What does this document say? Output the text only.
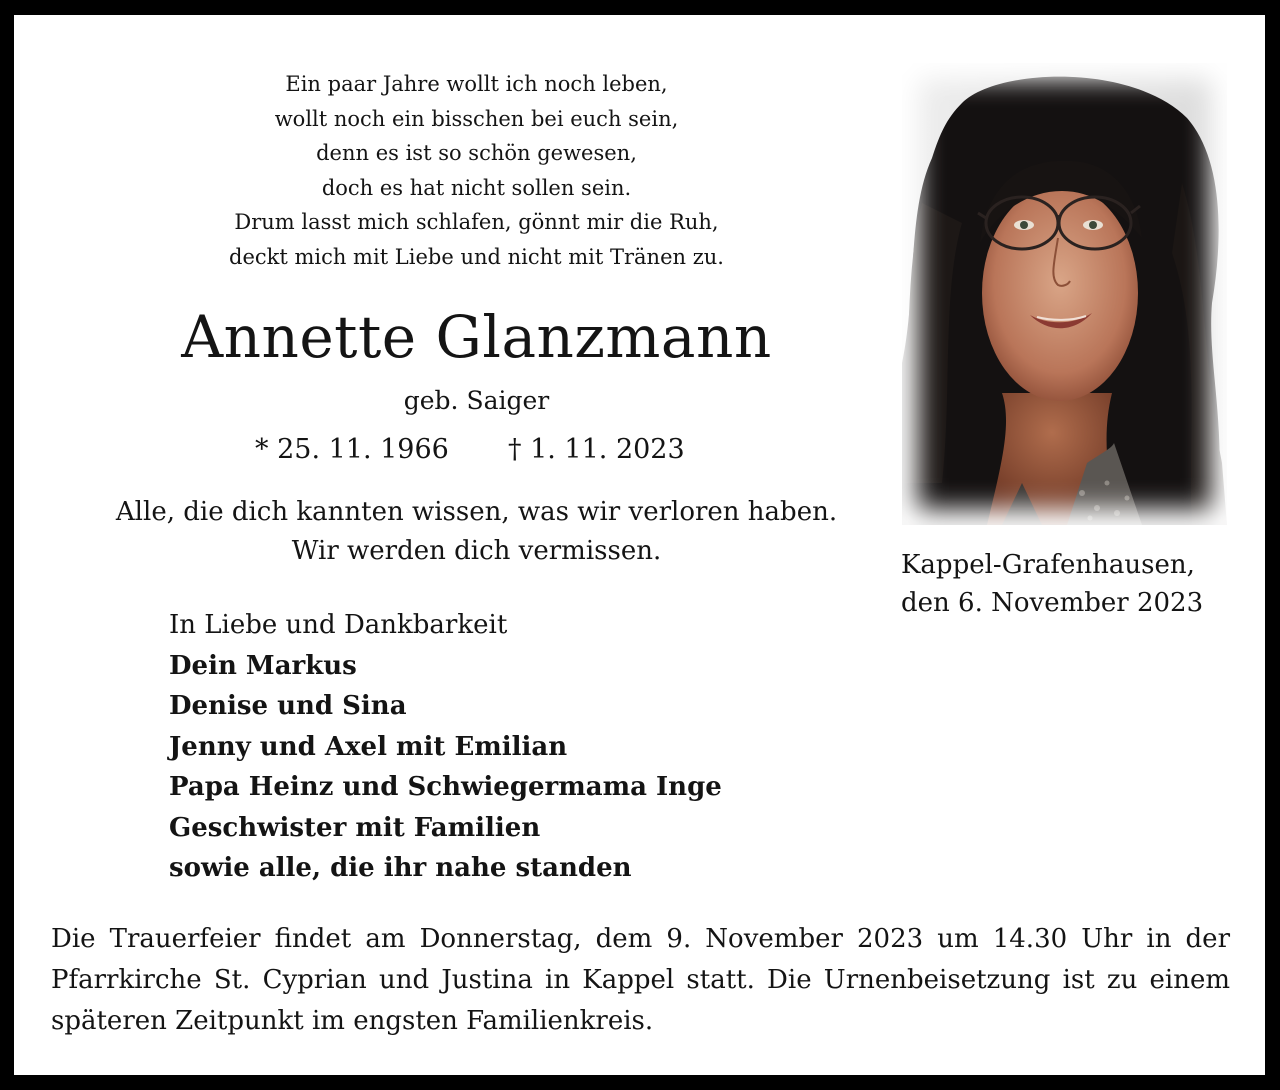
Ein paar Jahre wollt ich noch leben,
wollt noch ein bisschen bei euch sein,
denn es ist so schön gewesen,
doch es hat nicht sollen sein.
Drum lasst mich schlafen, gönnt mir die Ruh,
deckt mich mit Liebe und nicht mit Tränen zu.
Annette Glanzmann
geb. Saiger
* 25. 11. 1966 † 1. 11. 2023
Alle, die dich kannten wissen, was wir verloren haben.
Wir werden dich vermissen.
In Liebe und Dankbarkeit
Dein Markus
Denise und Sina
Jenny und Axel mit Emilian
Papa Heinz und Schwiegermama Inge
Geschwister mit Familien
sowie alle, die ihr nahe standen
Kappel-Grafenhausen,
den 6. November 2023
Die Trauerfeier findet am Donnerstag, dem 9. November 2023 um 14.30 Uhr in der Pfarrkirche St. Cyprian und Justina in Kappel statt. Die Urnenbeisetzung ist zu einem späteren Zeitpunkt im engsten Familienkreis.
